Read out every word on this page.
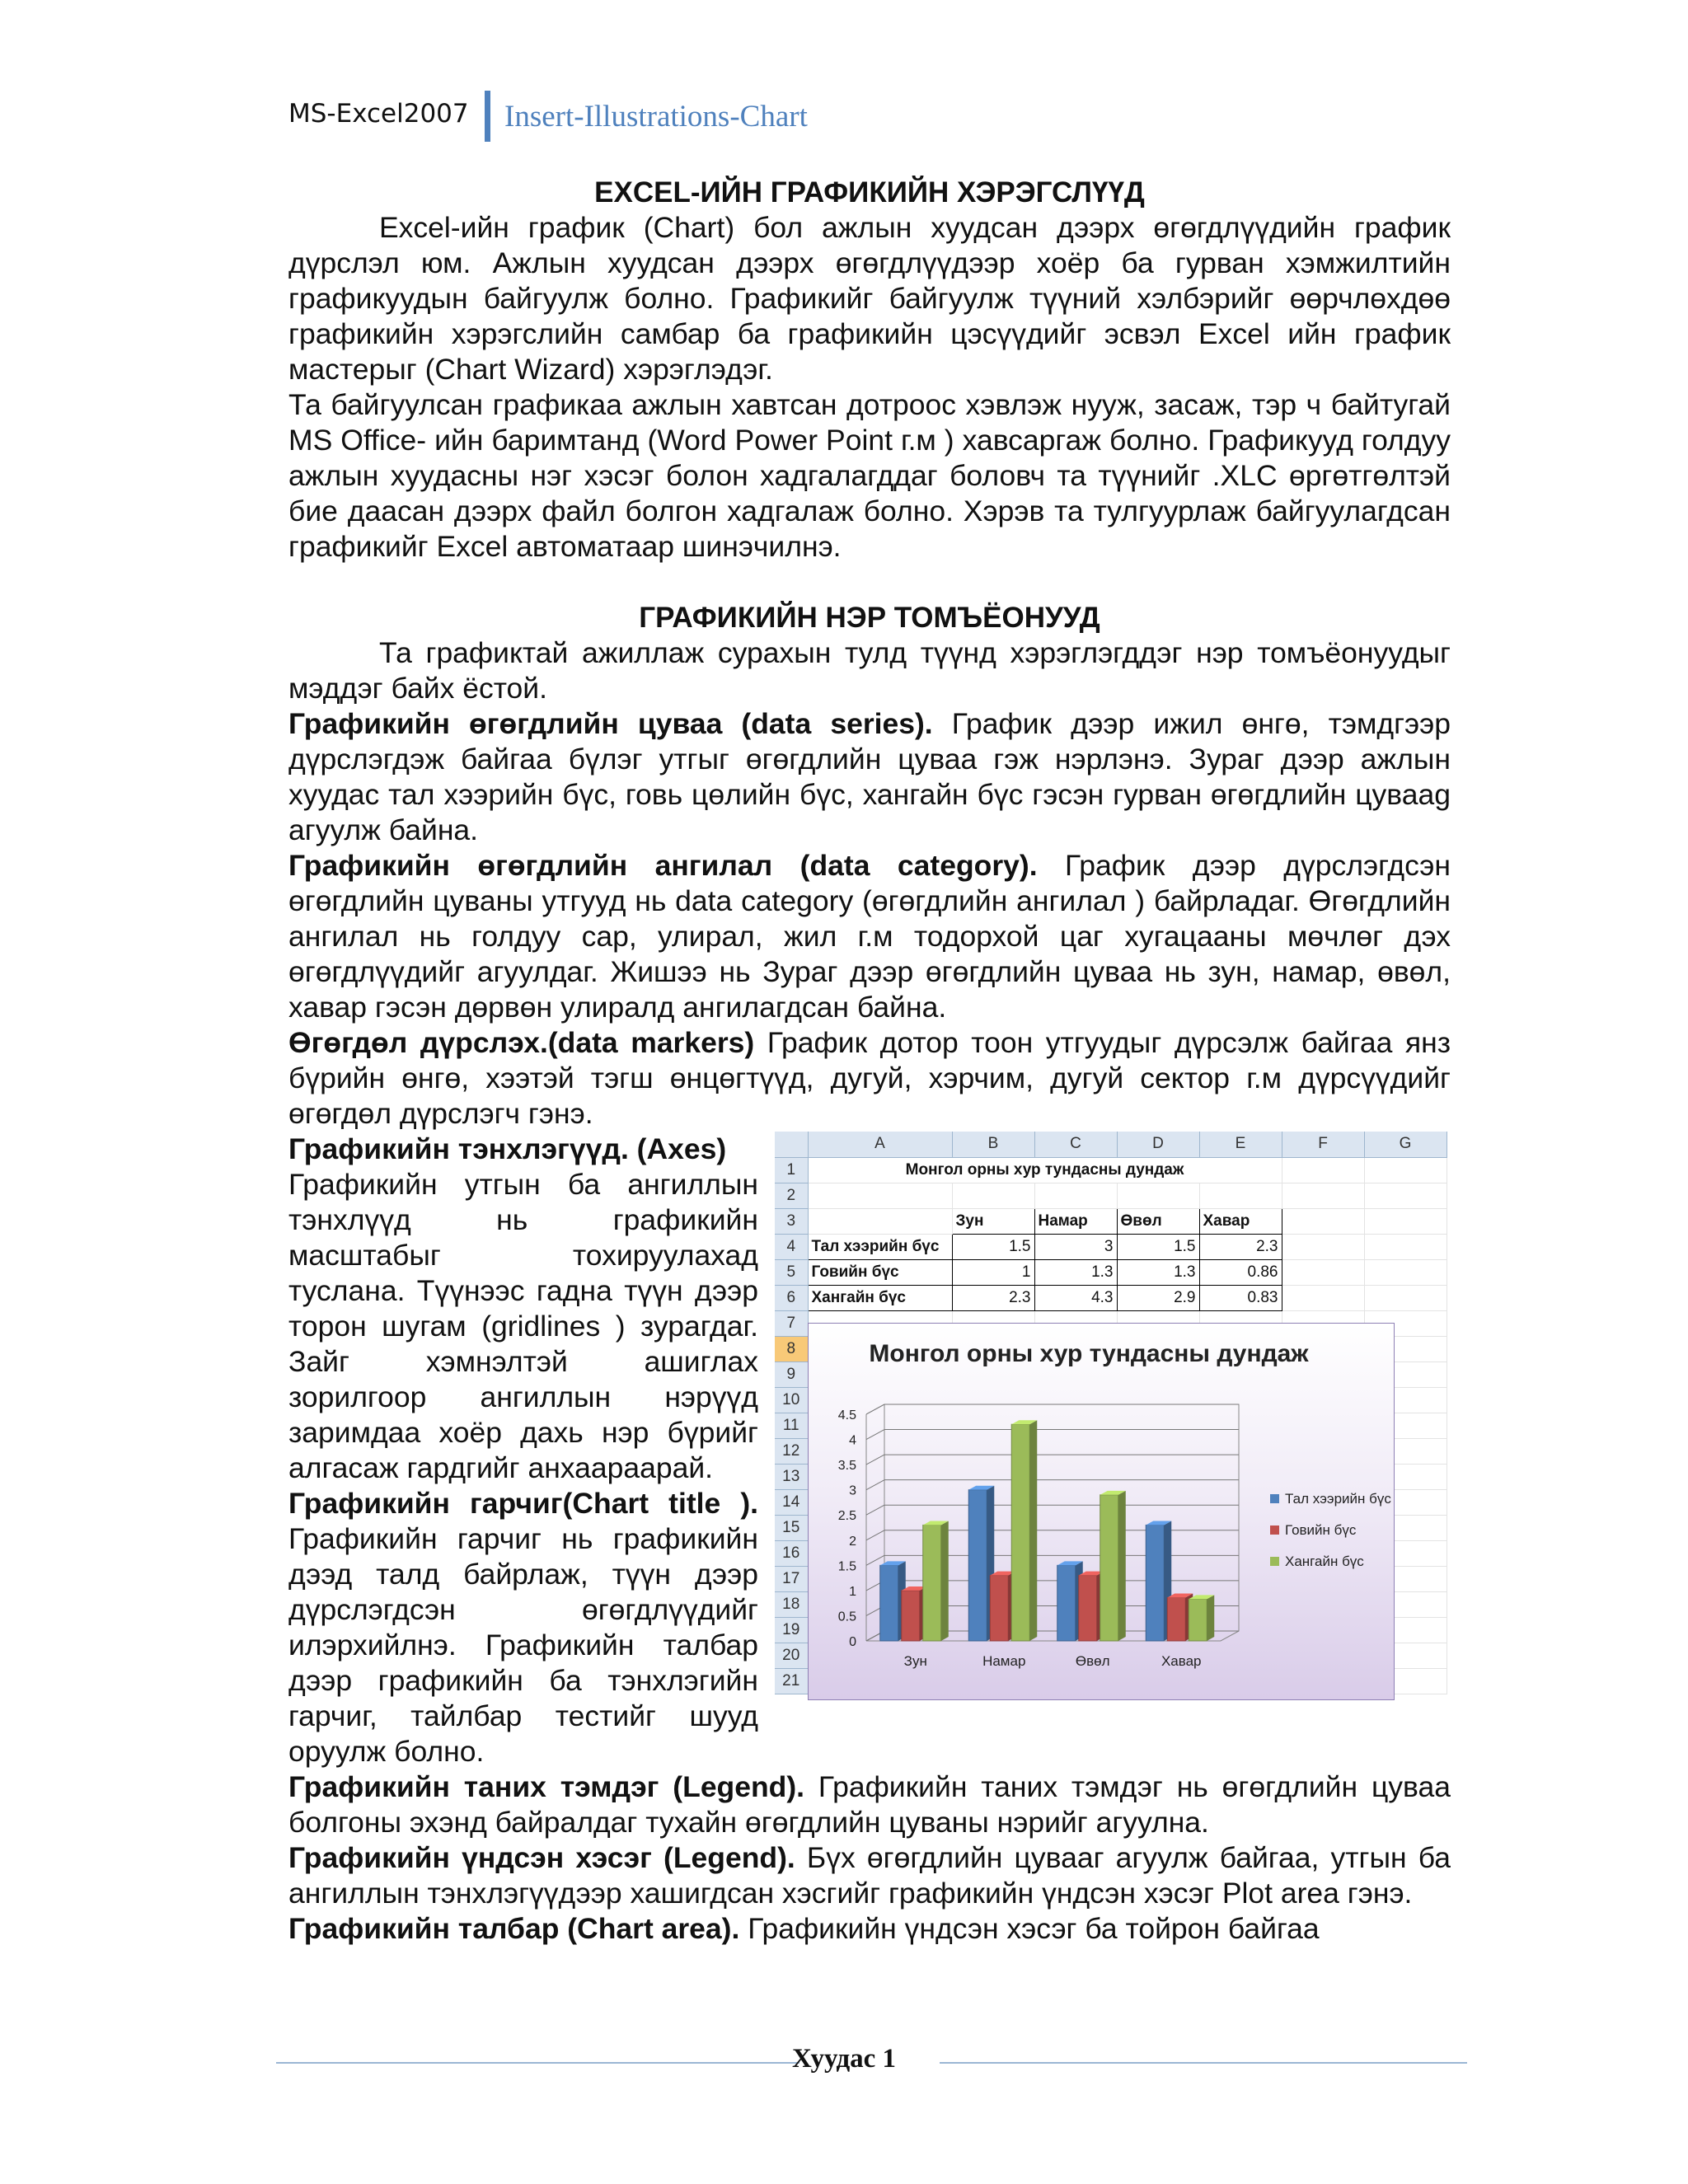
MS-Excel2007 Insert-Illustrations-Chart

EXCEL-ИЙН ГРАФИКИЙН ХЭРЭГСЛҮҮД

Excel-ийн график (Chart) бол ажлын хуудсан дээрх өгөгдлүүдийн график дүрслэл юм. Ажлын хуудсан дээрх өгөгдлүүдээр хоёр ба гурван хэмжилтийн графикуудын байгуулж болно. Графикийг байгуулж түүний хэлбэрийг өөрчлөхдөө графикийн хэрэгслийн самбар ба графикийн цэсүүдийг эсвэл Excel ийн график мастерыг (Chart Wizard) хэрэглэдэг.

Та байгуулсан графикаа ажлын хавтсан дотроос хэвлэж нууж, засаж, тэр ч байтугай MS Office- ийн баримтанд (Word Power Point г.м ) хавсаргаж болно. Графикууд голдуу ажлын хуудасны нэг хэсэг болон хадгалагддаг боловч та түүнийг .XLC өргөтгөлтэй бие даасан дээрх файл болгон хадгалаж болно. Хэрэв та тулгуурлаж байгуулагдсан графикийг Excel автоматаар шинэчилнэ.

ГРАФИКИЙН НЭР ТОМЪЁОНУУД

Та графиктай ажиллаж сурахын тулд түүнд хэрэглэгддэг нэр томъёонуудыг мэддэг байх ёстой.

Графикийн өгөгдлийн цуваа (data series). График дээр ижил өнгө, тэмдгээр дүрслэгдэж байгаа бүлэг утгыг өгөгдлийн цуваа гэж нэрлэнэ. Зураг дээр ажлын хуудас тал хээрийн бүс, говь цөлийн бүс, хангайн бүс гэсэн гурван өгөгдлийн цуваag агуулж байна.

Графикийн өгөгдлийн ангилал (data category). График дээр дүрслэгдсэн өгөгдлийн цуваны утгууд нь data category (өгөгдлийн ангилал ) байрладаг. Өгөгдлийн ангилал нь голдуу сар, улирал, жил г.м тодорхой цаг хугацааны мөчлөг дэх өгөгдлүүдийг агуулдаг. Жишээ нь Зураг дээр өгөгдлийн цуваа нь зун, намар, өвөл, хавар гэсэн дөрвөн улиралд ангилагдсан байна.

Өгөгдөл дүрслэх.(data markers) График дотор тоон утгуудыг дүрсэлж байгаа янз бүрийн өнгө, хээтэй тэгш өнцөгтүүд, дугуй, хэрчим, дугуй сектор г.м дүрсүүдийг өгөгдөл дүрслэгч гэнэ.

	A	B	C	D	E	F	G
1	Монгол орны хур тундасны дундаж						
2							
3		Зун	Намар	Өвөл	Хавар		
4	Тал хээрийн бүс	1.5	3	1.5	2.3		
5	Говийн бүс	1	1.3	1.3	0.86		
6	Хангайн бүс	2.3	4.3	2.9	0.83		
7							
8							
9							
10							
11							
12							
13							
14							
15							
16							
17							
18							
19							
20							
21							
Монгол орны хур тундасны дундаж
0
0.5
1
1.5
2
2.5
3
3.5
4
4.5
Зун	Намар	Өвөл	Хавар
Тал хээрийн бүс
Говийн бүс
Хангайн бүс

Графикийн тэнхлэгүүд. (Axes)

Графикийн утгын ба ангиллын тэнхлүүд нь графикийн масштабыг тохируулахад туслана. Түүнээс гадна түүн дээр торон шугам (gridlines ) зурагдаг. Зайг хэмнэлтэй ашиглах зорилгоор ангиллын нэрүүд заримдаа хоёр дахь нэр бүрийг алгасаж гардгийг анхаараарай.

Графикийн гарчиг(Chart title ). Графикийн гарчиг нь графикийн дээд талд байрлаж, түүн дээр дүрслэгдсэн өгөгдлүүдийг илэрхийлнэ. Графикийн талбар дээр графикийн ба тэнхлэгийн гарчиг, тайлбар тестийг шууд оруулж болно.

Графикийн таних тэмдэг (Legend). Графикийн таних тэмдэг нь өгөгдлийн цуваа болгоны эхэнд байралдаг тухайн өгөгдлийн цуваны нэрийг агуулна.

Графикийн үндсэн хэсэг (Legend). Бүх өгөгдлийн цувааг агуулж байгаа, утгын ба ангиллын тэнхлэгүүдээр хашигдсан хэсгийг графикийн үндсэн хэсэг Plot area гэнэ.

Графикийн талбар (Chart area). Графикийн үндсэн хэсэг ба тойрон байгаа

Хуудас 1
